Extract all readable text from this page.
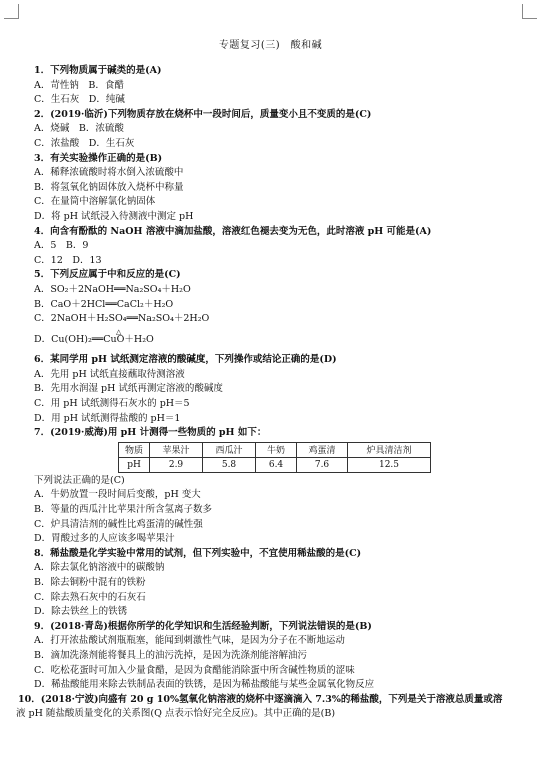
专题复习(三)　酸和碱
1．下列物质属于碱类的是(A)
A．苛性钠　B．食醋
C．生石灰　D．纯碱
2．(2019·临沂)下列物质存放在烧杯中一段时间后，质量变小且不变质的是(C)
A．烧碱　B．浓硫酸
C．浓盐酸　D．生石灰
3．有关实验操作正确的是(B)
A．稀释浓硫酸时将水倒入浓硫酸中
B．将氢氧化钠固体放入烧杯中称量
C．在量筒中溶解氯化钠固体
D．将 pH 试纸浸入待测液中测定 pH
4．向含有酚酞的 NaOH 溶液中滴加盐酸，溶液红色褪去变为无色，此时溶液 pH 可能是(A)
A．5　B．9
C．12　D．13
5．下列反应属于中和反应的是(C)
A．SO₂＋2NaOH══Na₂SO₄＋H₂O
B．CaO＋2HCl══CaCl₂＋H₂O
C．2NaOH＋H₂SO₄══Na₂SO₄＋2H₂O
△
D．Cu(OH)₂══CuO＋H₂O
6．某同学用 pH 试纸测定溶液的酸碱度，下列操作或结论正确的是(D)
A．先用 pH 试纸直接蘸取待测溶液
B．先用水润湿 pH 试纸再测定溶液的酸碱度
C．用 pH 试纸测得石灰水的 pH＝5
D．用 pH 试纸测得盐酸的 pH＝1
7．(2019·威海)用 pH 计测得一些物质的 pH 如下：
物质	苹果汁	西瓜汁	牛奶	鸡蛋清	炉具清洁剂
pH	2.9	5.8	6.4	7.6	12.5
下列说法正确的是(C)
A．牛奶放置一段时间后变酸，pH 变大
B．等量的西瓜汁比苹果汁所含氢离子数多
C．炉具清洁剂的碱性比鸡蛋清的碱性强
D．胃酸过多的人应该多喝苹果汁
8．稀盐酸是化学实验中常用的试剂，但下列实验中，不宜使用稀盐酸的是(C)
A．除去氯化钠溶液中的碳酸钠
B．除去铜粉中混有的铁粉
C．除去熟石灰中的石灰石
D．除去铁丝上的铁锈
9．(2018·青岛)根据你所学的化学知识和生活经验判断，下列说法错误的是(B)
A．打开浓盐酸试剂瓶瓶塞，能闻到刺激性气味，是因为分子在不断地运动
B．滴加洗涤剂能将餐具上的油污洗掉，是因为洗涤剂能溶解油污
C．吃松花蛋时可加入少量食醋，是因为食醋能消除蛋中所含碱性物质的涩味
D．稀盐酸能用来除去铁制品表面的铁锈，是因为稀盐酸能与某些金属氧化物反应
10．(2018·宁波)向盛有 20 g 10%氢氧化钠溶液的烧杯中逐滴滴入 7.3%的稀盐酸，下列是关于溶液总质量或溶
液 pH 随盐酸质量变化的关系图(Q 点表示恰好完全反应)。其中正确的是(B)
